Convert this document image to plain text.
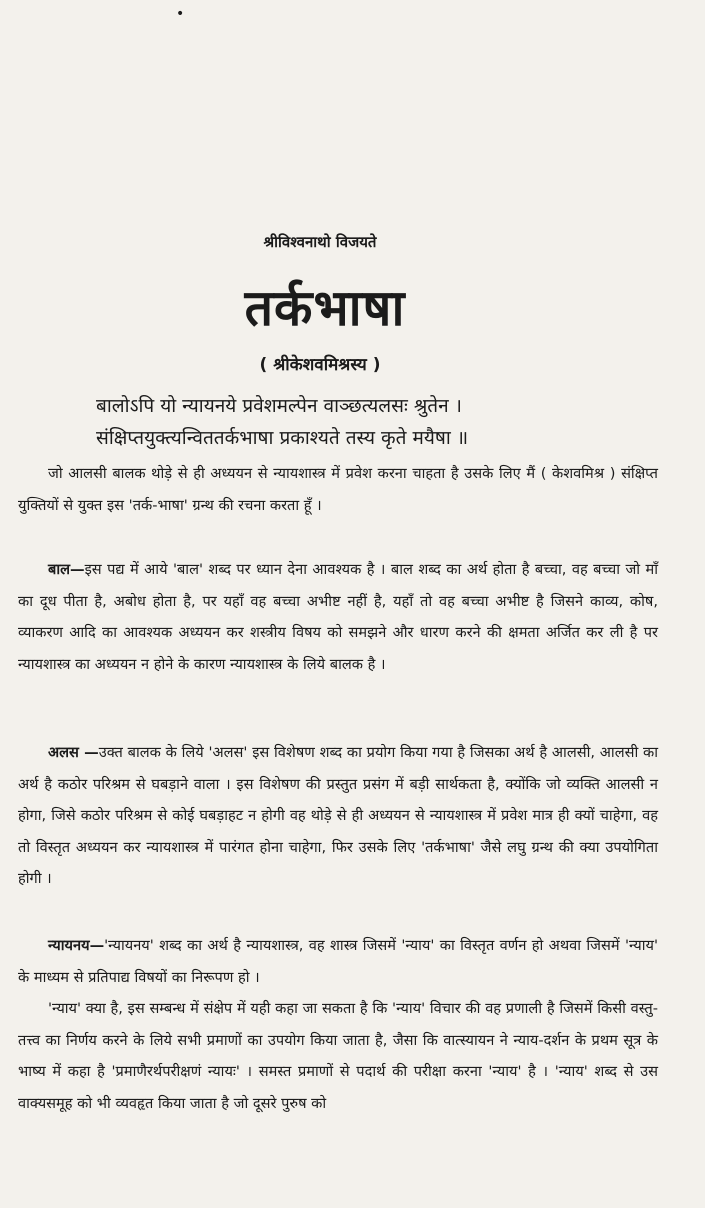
•
श्रीविश्वनाथो विजयते
तर्कभाषा
( श्रीकेशवमिश्रस्य )
बालोऽपि यो न्यायनये प्रवेशमल्पेन वाञ्छत्यलसः श्रुतेन ।
संक्षिप्तयुक्त्यन्विततर्कभाषा प्रकाश्यते तस्य कृते मयैषा ॥

जो आलसी बालक थोड़े से ही अध्ययन से न्यायशास्त्र में प्रवेश करना चाहता है उसके लिए मैं ( केशवमिश्र ) संक्षिप्त युक्तियों से युक्त इस 'तर्क-भाषा' ग्रन्थ की रचना करता हूँ ।

बाल—इस पद्य में आये 'बाल' शब्द पर ध्यान देना आवश्यक है । बाल शब्द का अर्थ होता है बच्चा, वह बच्चा जो माँ का दूध पीता है, अबोध होता है, पर यहाँ वह बच्चा अभीष्ट नहीं है, यहाँ तो वह बच्चा अभीष्ट है जिसने काव्य, कोष, व्याकरण आदि का आवश्यक अध्ययन कर शस्त्रीय विषय को समझने और धारण करने की क्षमता अर्जित कर ली है पर न्यायशास्त्र का अध्ययन न होने के कारण न्यायशास्त्र के लिये बालक है ।

अलस —उक्त बालक के लिये 'अलस' इस विशेषण शब्द का प्रयोग किया गया है जिसका अर्थ है आलसी, आलसी का अर्थ है कठोर परिश्रम से घबड़ाने वाला । इस विशेषण की प्रस्तुत प्रसंग में बड़ी सार्थकता है, क्योंकि जो व्यक्ति आलसी न होगा, जिसे कठोर परिश्रम से कोई घबड़ाहट न होगी वह थोड़े से ही अध्ययन से न्यायशास्त्र में प्रवेश मात्र ही क्यों चाहेगा, वह तो विस्तृत अध्ययन कर न्यायशास्त्र में पारंगत होना चाहेगा, फिर उसके लिए 'तर्कभाषा' जैसे लघु ग्रन्थ की क्या उपयोगिता होगी ।

न्यायनय—'न्यायनय' शब्द का अर्थ है न्यायशास्त्र, वह शास्त्र जिसमें 'न्याय' का विस्तृत वर्णन हो अथवा जिसमें 'न्याय' के माध्यम से प्रतिपाद्य विषयों का निरूपण हो ।

'न्याय' क्या है, इस सम्बन्ध में संक्षेप में यही कहा जा सकता है कि 'न्याय' विचार की वह प्रणाली है जिसमें किसी वस्तु-तत्त्व का निर्णय करने के लिये सभी प्रमाणों का उपयोग किया जाता है, जैसा कि वात्स्यायन ने न्याय-दर्शन के प्रथम सूत्र के भाष्य में कहा है 'प्रमाणैरर्थपरीक्षणं न्यायः' । समस्त प्रमाणों से पदार्थ की परीक्षा करना 'न्याय' है । 'न्याय' शब्द से उस वाक्यसमूह को भी व्यवहृत किया जाता है जो दूसरे पुरुष को
